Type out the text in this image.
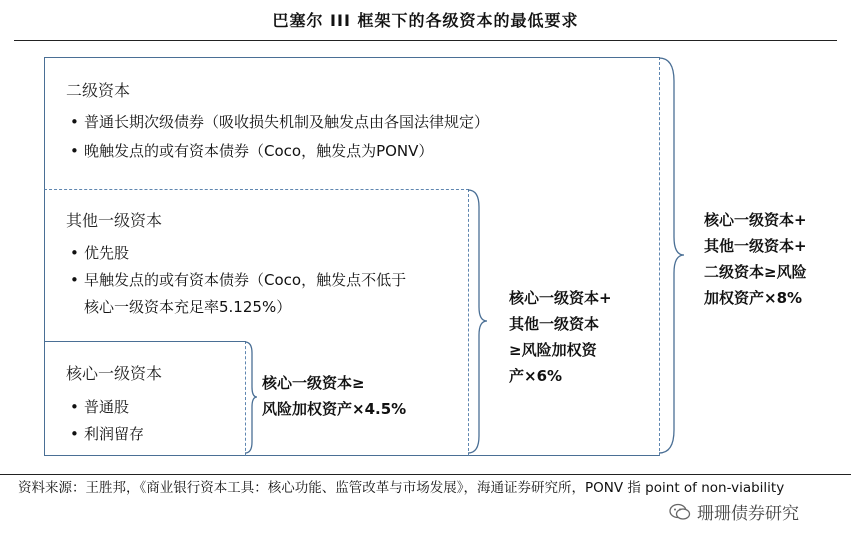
巴塞尔 III 框架下的各级资本的最低要求
二级资本
• 普通长期次级债券（吸收损失机制及触发点由各国法律规定）
• 晚触发点的或有资本债券（Coco，触发点为PONV）
其他一级资本
• 优先股
• 早触发点的或有资本债券（Coco，触发点不低于
核心一级资本充足率5.125%）
核心一级资本
• 普通股
• 利润留存
核心一级资本≥
风险加权资产×4.5%
核心一级资本+
其他一级资本
≥风险加权资
产×6%
核心一级资本+
其他一级资本+
二级资本≥风险
加权资产×8%
资料来源：王胜邦，《商业银行资本工具：核心功能、监管改革与市场发展》，海通证券研究所，PONV 指 point of non-viability
珊珊债券研究
